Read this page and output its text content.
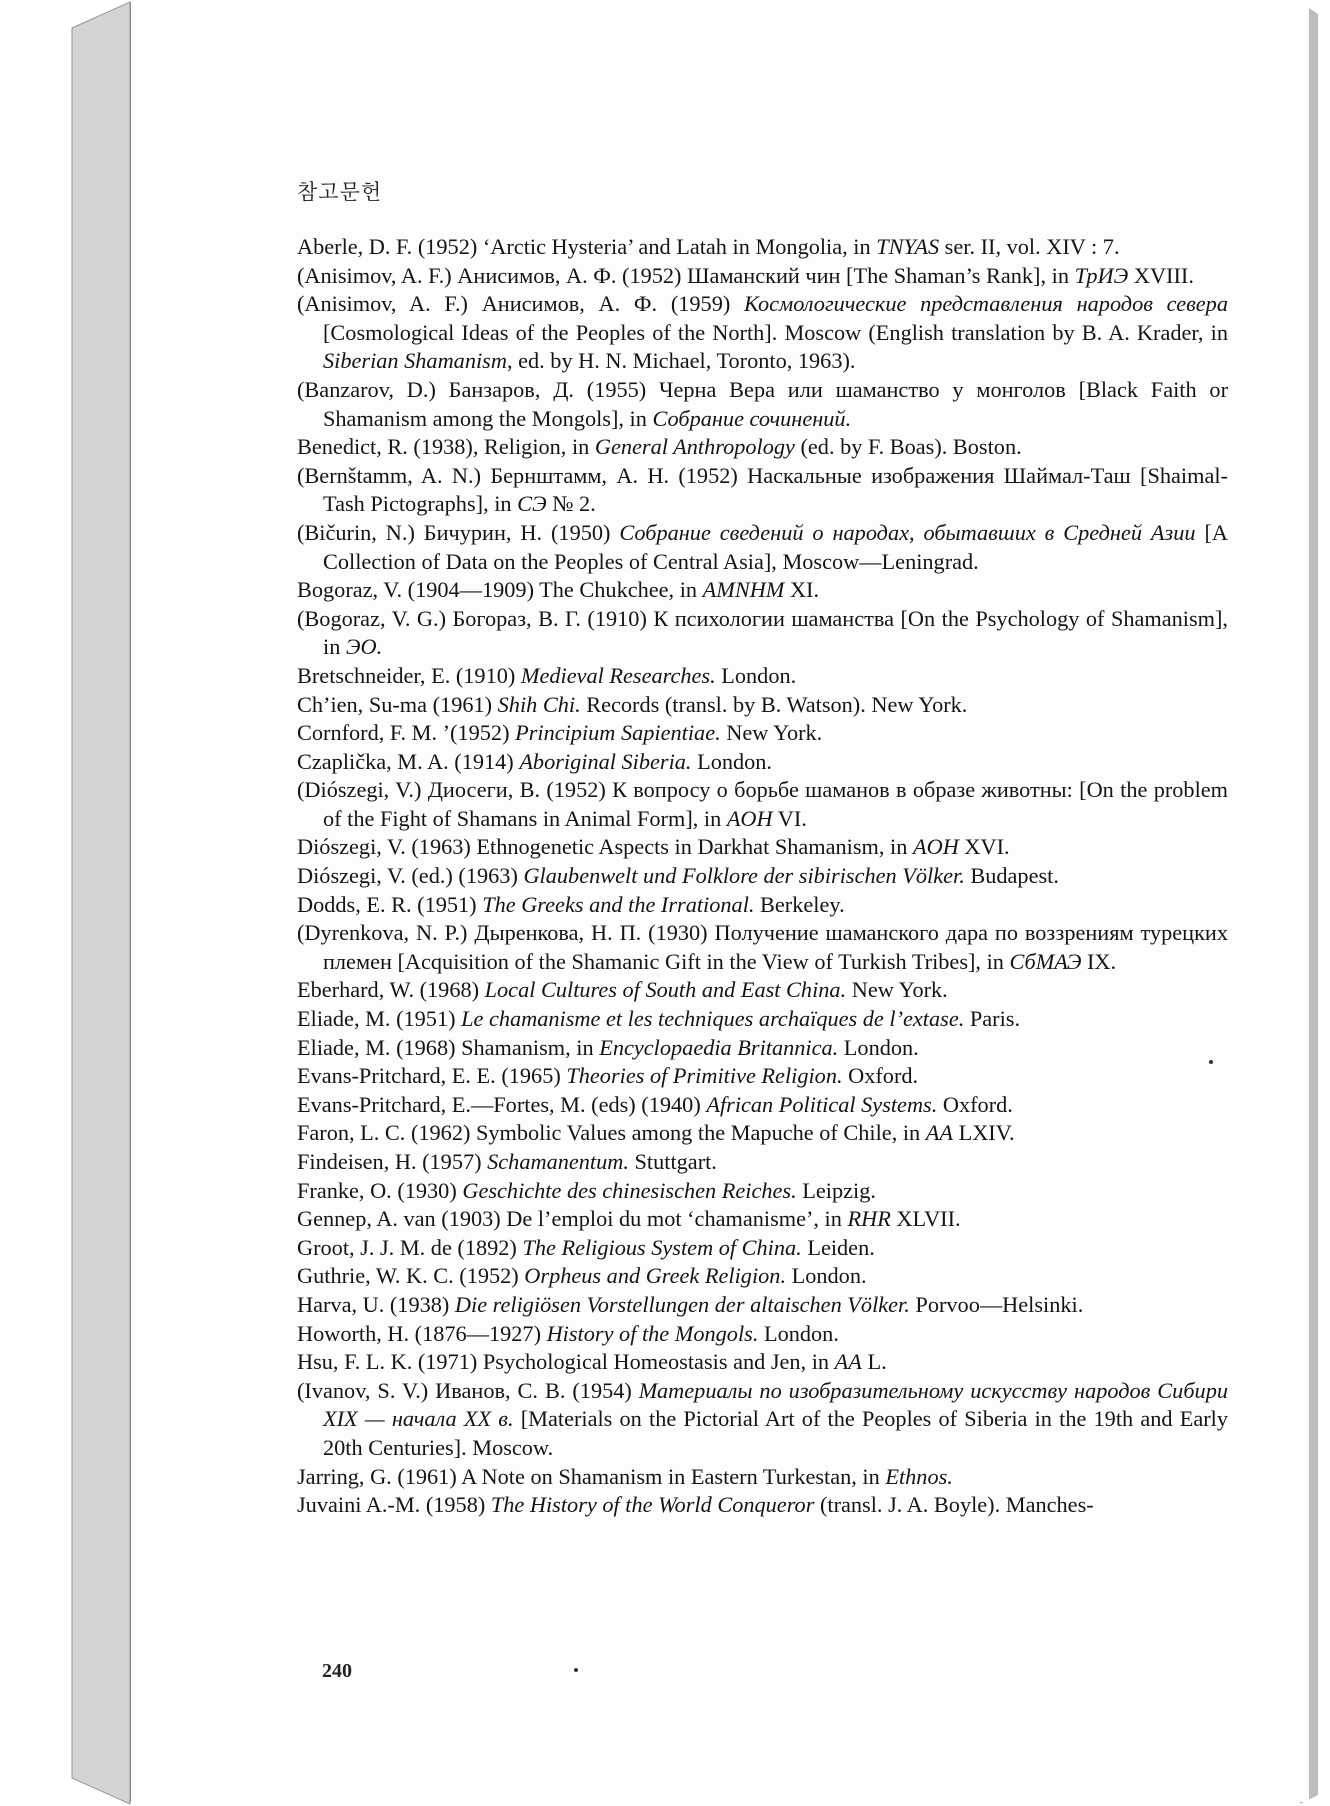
참고문헌
Aberle, D. F. (1952) ‘Arctic Hysteria’ and Latah in Mongolia, in TNYAS ser. II, vol. XIV : 7.
(Anisimov, A. F.) Анисимов, А. Ф. (1952) Шаманский чин [The Shaman’s Rank], in ТрИЭ XVIII.
(Anisimov, A. F.) Анисимов, А. Ф. (1959) Космологические представления народов севера [Cosmological Ideas of the Peoples of the North]. Moscow (English translation by B. A. Krader, in Siberian Shamanism, ed. by H. N. Michael, Toronto, 1963).
(Banzarov, D.) Банзаров, Д. (1955) Черна Вера или шаманство у монголов [Black Faith or Shamanism among the Mongols], in Собрание сочинений.
Benedict, R. (1938), Religion, in General Anthropology (ed. by F. Boas). Boston.
(Bernštamm, A. N.) Бернштамм, А. Н. (1952) Наскальные изображения Шаймал-Таш [Shaimal-Tash Pictographs], in СЭ № 2.
(Bičurin, N.) Бичурин, Н. (1950) Собрание сведений о народах, обытавших в Средней Азии [A Collection of Data on the Peoples of Central Asia], Moscow—Leningrad.
Bogoraz, V. (1904—1909) The Chukchee, in AMNHM XI.
(Bogoraz, V. G.) Богораз, В. Г. (1910) К психологии шаманства [On the Psychology of Shamanism], in ЭО.
Bretschneider, E. (1910) Medieval Researches. London.
Ch’ien, Su-ma (1961) Shih Chi. Records (transl. by B. Watson). New York.
Cornford, F. M. ’(1952) Principium Sapientiae. New York.
Czaplička, M. A. (1914) Aboriginal Siberia. London.
(Diószegi, V.) Диосеги, В. (1952) К вопросу о борьбе шаманов в образе животны: [On the problem of the Fight of Shamans in Animal Form], in AOH VI.
Diószegi, V. (1963) Ethnogenetic Aspects in Darkhat Shamanism, in AOH XVI.
Diószegi, V. (ed.) (1963) Glaubenwelt und Folklore der sibirischen Völker. Budapest.
Dodds, E. R. (1951) The Greeks and the Irrational. Berkeley.
(Dyrenkova, N. P.) Дыренкова, Н. П. (1930) Получение шаманского дара по воззрениям турецких племен [Acquisition of the Shamanic Gift in the View of Turkish Tribes], in СбМАЭ IX.
Eberhard, W. (1968) Local Cultures of South and East China. New York.
Eliade, M. (1951) Le chamanisme et les techniques archaïques de l’extase. Paris.
Eliade, M. (1968) Shamanism, in Encyclopaedia Britannica. London.
Evans-Pritchard, E. E. (1965) Theories of Primitive Religion. Oxford.
Evans-Pritchard, E.—Fortes, M. (eds) (1940) African Political Systems. Oxford.
Faron, L. C. (1962) Symbolic Values among the Mapuche of Chile, in AA LXIV.
Findeisen, H. (1957) Schamanentum. Stuttgart.
Franke, O. (1930) Geschichte des chinesischen Reiches. Leipzig.
Gennep, A. van (1903) De l’emploi du mot ‘chamanisme’, in RHR XLVII.
Groot, J. J. M. de (1892) The Religious System of China. Leiden.
Guthrie, W. K. C. (1952) Orpheus and Greek Religion. London.
Harva, U. (1938) Die religiösen Vorstellungen der altaischen Völker. Porvoo—Helsinki.
Howorth, H. (1876—1927) History of the Mongols. London.
Hsu, F. L. K. (1971) Psychological Homeostasis and Jen, in AA L.
(Ivanov, S. V.) Иванов, С. В. (1954) Материалы по изобразительному искусству народов Сибири XIX — начала XX в. [Materials on the Pictorial Art of the Peoples of Siberia in the 19th and Early 20th Centuries]. Moscow.
Jarring, G. (1961) A Note on Shamanism in Eastern Turkestan, in Ethnos.
Juvaini A.-M. (1958) The History of the World Conqueror (transl. J. A. Boyle). Manches-
240
